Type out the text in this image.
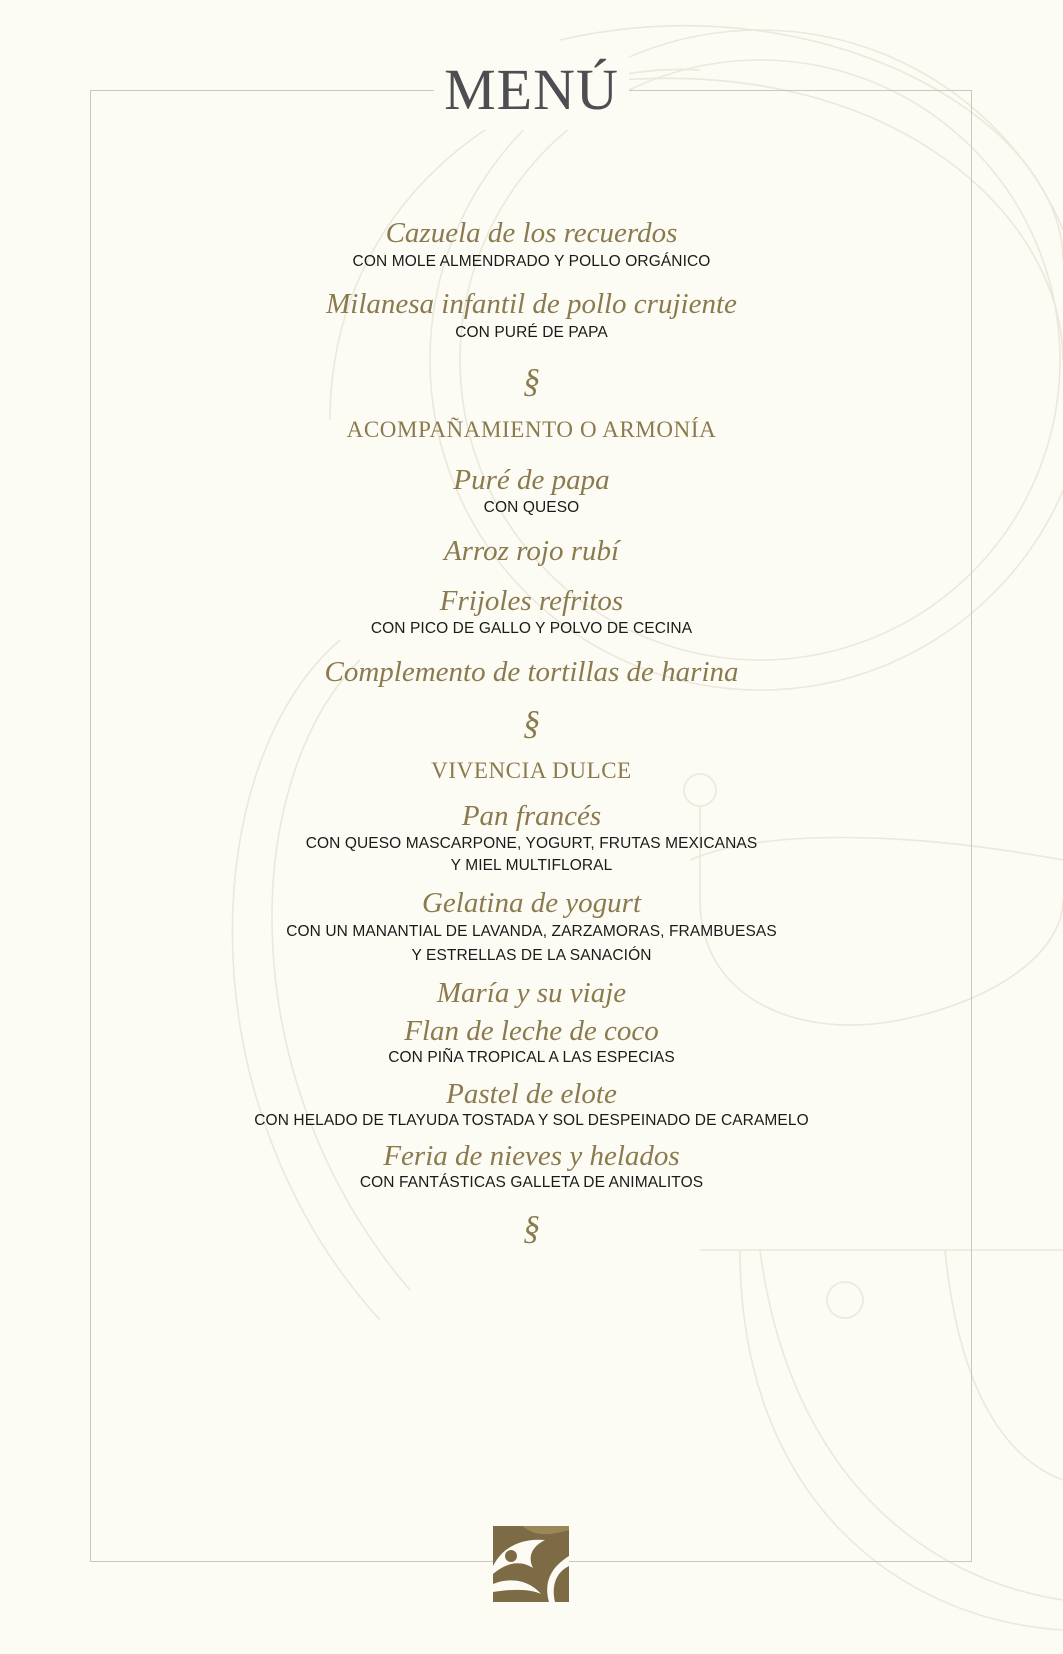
MENÚ
Cazuela de los recuerdos
CON MOLE ALMENDRADO Y POLLO ORGÁNICO
Milanesa infantil de pollo crujiente
CON PURÉ DE PAPA
§
ACOMPAÑAMIENTO O ARMONÍA
Puré de papa
CON QUESO
Arroz rojo rubí
Frijoles refritos
CON PICO DE GALLO Y POLVO DE CECINA
Complemento de tortillas de harina
§
VIVENCIA DULCE
Pan francés
CON QUESO MASCARPONE, YOGURT, FRUTAS MEXICANAS
Y MIEL MULTIFLORAL
Gelatina de yogurt
CON UN MANANTIAL DE LAVANDA, ZARZAMORAS, FRAMBUESAS
Y ESTRELLAS DE LA SANACIÓN
María y su viaje
Flan de leche de coco
CON PIÑA TROPICAL A LAS ESPECIAS
Pastel de elote
CON HELADO DE TLAYUDA TOSTADA Y SOL DESPEINADO DE CARAMELO
Feria de nieves y helados
CON FANTÁSTICAS GALLETA DE ANIMALITOS
§
